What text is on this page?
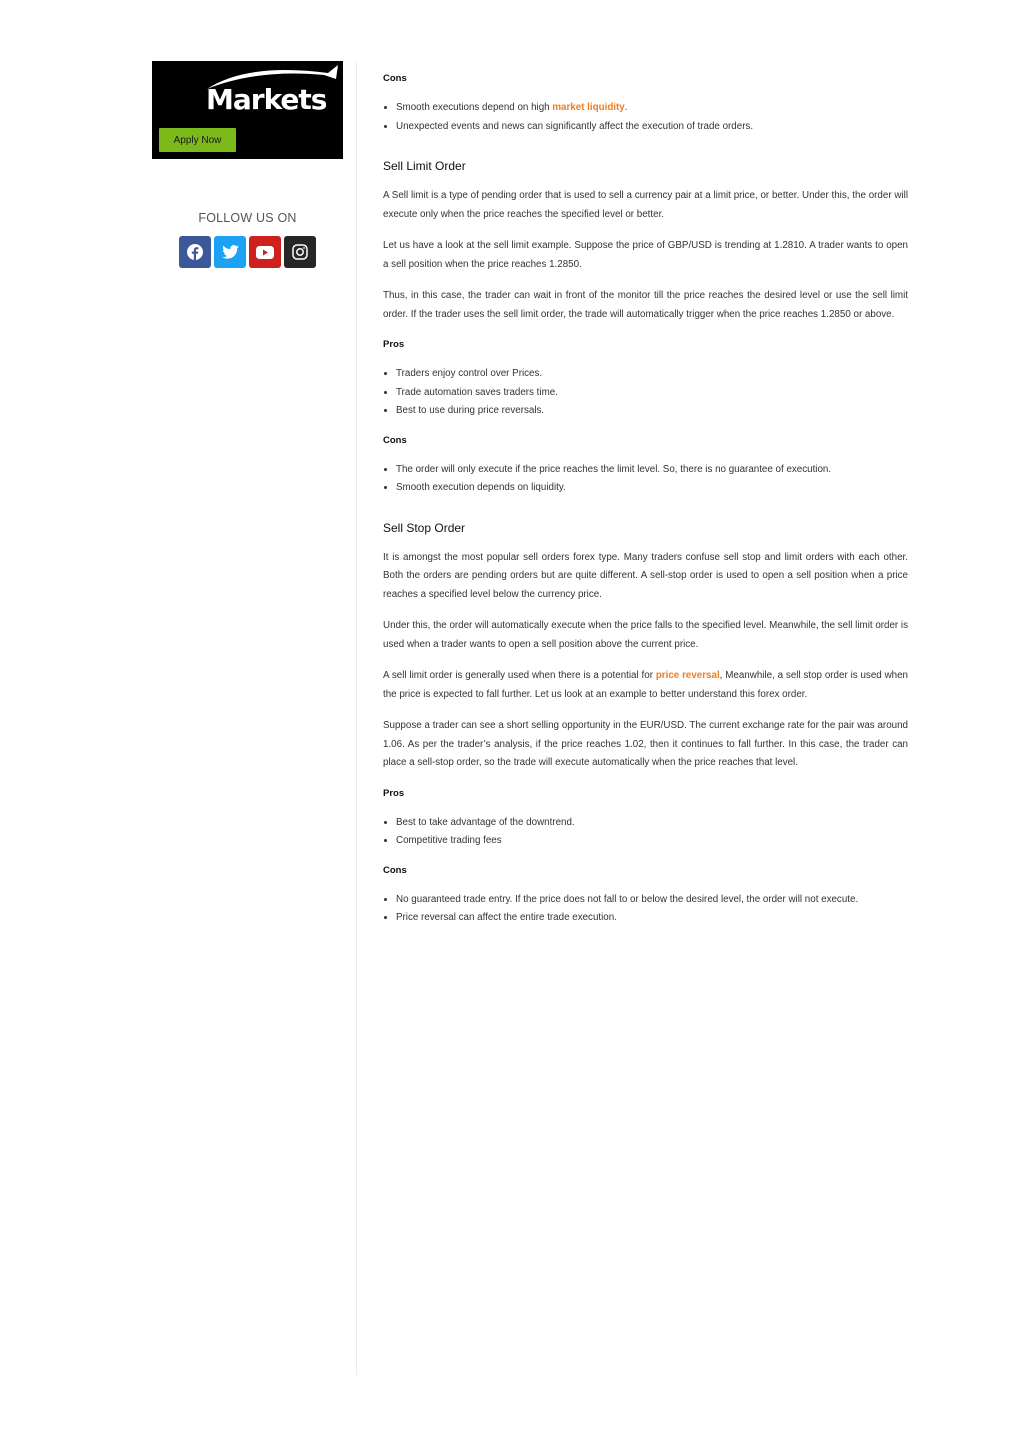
Markets
Apply Now
FOLLOW US ON
Cons
• Smooth executions depend on high market liquidity.
• Unexpected events and news can significantly affect the execution of trade orders.
Sell Limit Order

A Sell limit is a type of pending order that is used to sell a currency pair at a limit price, or better. Under this, the order will execute only when the price reaches the specified level or better.

Let us have a look at the sell limit example. Suppose the price of GBP/USD is trending at 1.2810. A trader wants to open a sell position when the price reaches 1.2850.

Thus, in this case, the trader can wait in front of the monitor till the price reaches the desired level or use the sell limit order. If the trader uses the sell limit order, the trade will automatically trigger when the price reaches 1.2850 or above.

Pros
• Traders enjoy control over Prices.
• Trade automation saves traders time.
• Best to use during price reversals.
Cons
• The order will only execute if the price reaches the limit level. So, there is no guarantee of execution.
• Smooth execution depends on liquidity.
Sell Stop Order

It is amongst the most popular sell orders forex type. Many traders confuse sell stop and limit orders with each other. Both the orders are pending orders but are quite different. A sell-stop order is used to open a sell position when a price reaches a specified level below the currency price.

Under this, the order will automatically execute when the price falls to the specified level. Meanwhile, the sell limit order is used when a trader wants to open a sell position above the current price.

A sell limit order is generally used when there is a potential for price reversal, Meanwhile, a sell stop order is used when the price is expected to fall further. Let us look at an example to better understand this forex order.

Suppose a trader can see a short selling opportunity in the EUR/USD. The current exchange rate for the pair was around 1.06. As per the trader’s analysis, if the price reaches 1.02, then it continues to fall further. In this case, the trader can place a sell-stop order, so the trade will execute automatically when the price reaches that level.

Pros
• Best to take advantage of the downtrend.
• Competitive trading fees
Cons
• No guaranteed trade entry. If the price does not fall to or below the desired level, the order will not execute.
• Price reversal can affect the entire trade execution.
